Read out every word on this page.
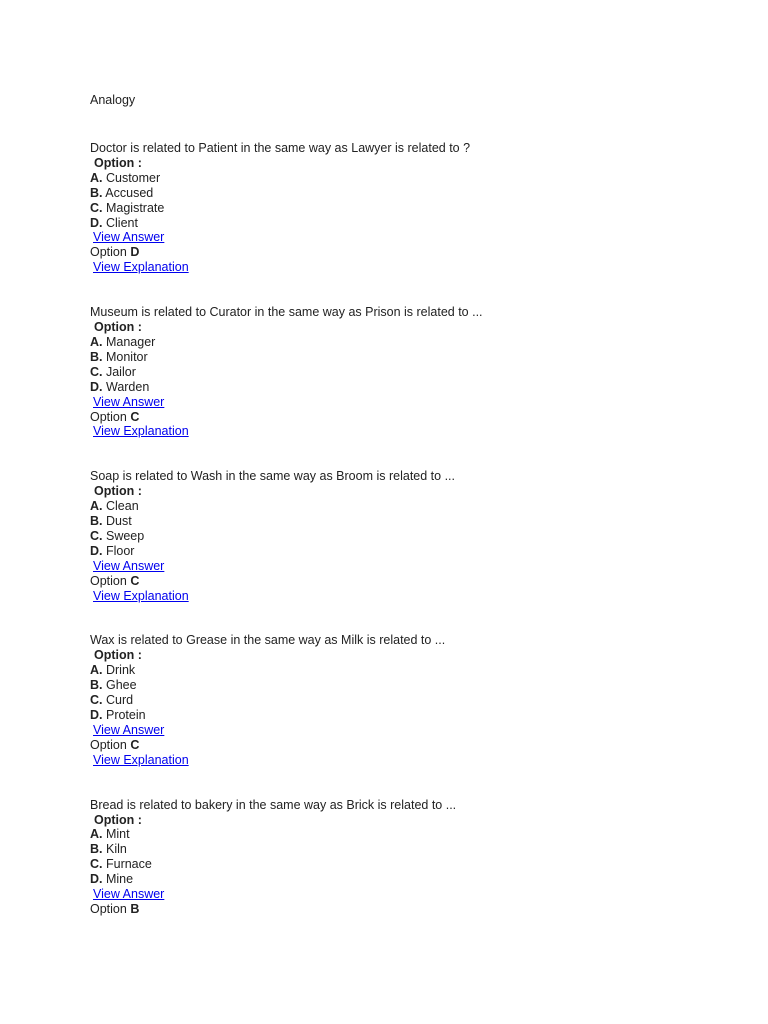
Analogy
Doctor is related to Patient in the same way as Lawyer is related to ?
Option :
A. Customer
B. Accused
C. Magistrate
D. Client
View Answer
Option D
View Explanation
Museum is related to Curator in the same way as Prison is related to ...
Option :
A. Manager
B. Monitor
C. Jailor
D. Warden
View Answer
Option C
View Explanation
Soap is related to Wash in the same way as Broom is related to ...
Option :
A. Clean
B. Dust
C. Sweep
D. Floor
View Answer
Option C
View Explanation
Wax is related to Grease in the same way as Milk is related to ...
Option :
A. Drink
B. Ghee
C. Curd
D. Protein
View Answer
Option C
View Explanation
Bread is related to bakery in the same way as Brick is related to ...
Option :
A. Mint
B. Kiln
C. Furnace
D. Mine
View Answer
Option B
